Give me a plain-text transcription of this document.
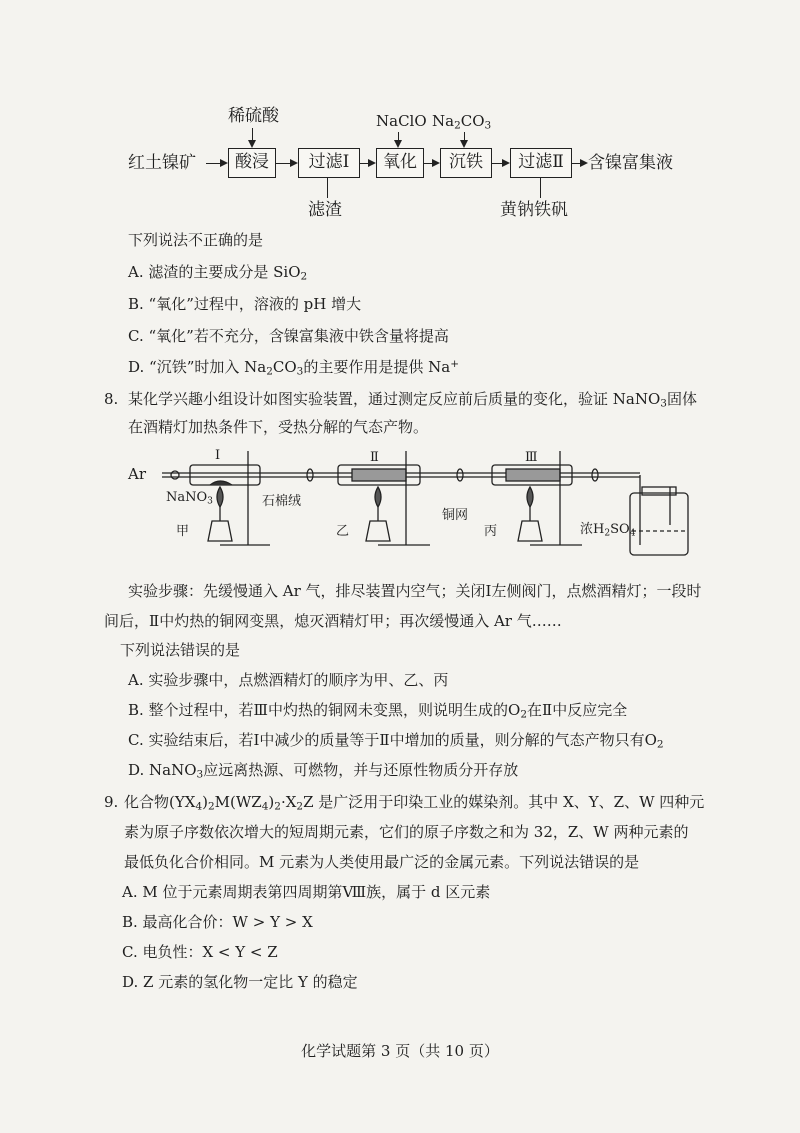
稀硫酸	NaClO $Na_2CO_3$
红土镍矿	酸浸	过滤Ⅰ
滤渣
氧化	沉铁	过滤Ⅱ
黄钠铁矾
含镍富集液
下列说法不正确的是
A. 滤渣的主要成分是 SiO$_2$
B. “氧化”过程中，溶液的 pH 增大
C. “氧化”若不充分，含镍富集液中铁含量将提高
D. “沉铁”时加入 $Na_2CO_3$的主要作用是提供 Na+
8. 某化学兴趣小组设计如图实验装置，通过测定反应前后质量的变化，验证 NaNO$_3$固体
在酒精灯加热条件下，受热分解的气态产物。
Ar
Ⅰ	Ⅱ	Ⅲ
NaNO$_3$	石棉绒
铜网
甲	乙	丙	浓$H_2SO_4$
实验步骤：先缓慢通入 Ar 气，排尽装置内空气；关闭Ⅰ左侧阀门，点燃酒精灯；一段时
间后，Ⅱ中灼热的铜网变黑，熄灭酒精灯甲；再次缓慢通入 Ar 气……
下列说法错误的是
A. 实验步骤中，点燃酒精灯的顺序为甲、乙、丙
B. 整个过程中，若Ⅲ中灼热的铜网未变黑，则说明生成的$O_2$在Ⅱ中反应完全
C. 实验结束后，若Ⅰ中减少的质量等于Ⅱ中增加的质量，则分解的气态产物只有$O_2$
D. NaNO$_3$应远离热源、可燃物，并与还原性物质分开存放
9. 化合物$(YX_4)_2M(WZ_4)_2\cdot X_2Z$ 是广泛用于印染工业的媒染剂。其中 X、Y、Z、W 四种元
素为原子序数依次增大的短周期元素，它们的原子序数之和为 32，Z、W 两种元素的
最低负化合价相同。M 元素为人类使用最广泛的金属元素。下列说法错误的是
A. M 位于元素周期表第四周期第Ⅷ族，属于 d 区元素
B. 最高化合价：W > Y > X
C. 电负性：X < Y < Z
D. Z 元素的氢化物一定比 Y 的稳定
化学试题第 3 页（共 10 页）
